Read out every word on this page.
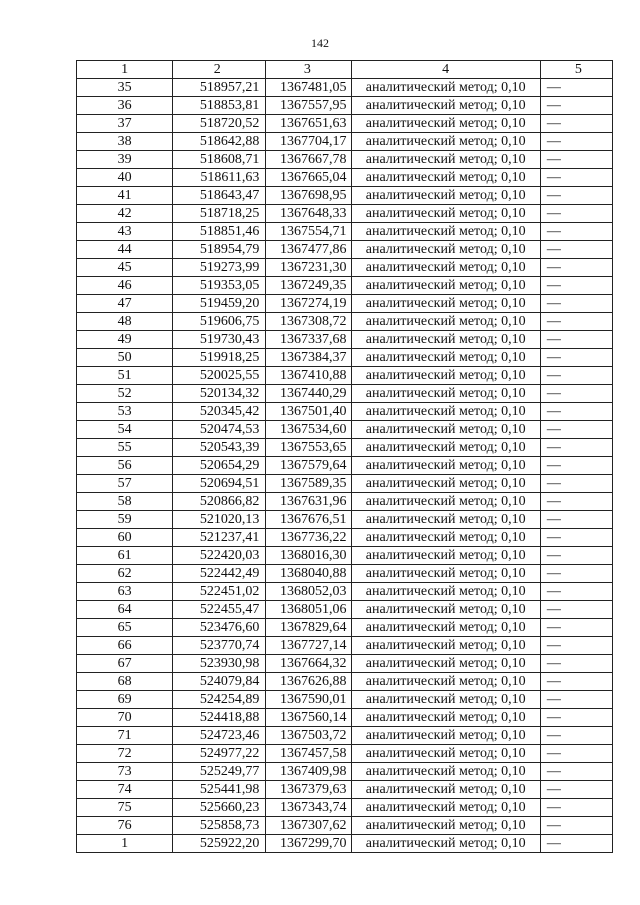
142
1	2	3	4	5
35	518957,21	1367481,05	аналитический метод; 0,10	—
36	518853,81	1367557,95	аналитический метод; 0,10	—
37	518720,52	1367651,63	аналитический метод; 0,10	—
38	518642,88	1367704,17	аналитический метод; 0,10	—
39	518608,71	1367667,78	аналитический метод; 0,10	—
40	518611,63	1367665,04	аналитический метод; 0,10	—
41	518643,47	1367698,95	аналитический метод; 0,10	—
42	518718,25	1367648,33	аналитический метод; 0,10	—
43	518851,46	1367554,71	аналитический метод; 0,10	—
44	518954,79	1367477,86	аналитический метод; 0,10	—
45	519273,99	1367231,30	аналитический метод; 0,10	—
46	519353,05	1367249,35	аналитический метод; 0,10	—
47	519459,20	1367274,19	аналитический метод; 0,10	—
48	519606,75	1367308,72	аналитический метод; 0,10	—
49	519730,43	1367337,68	аналитический метод; 0,10	—
50	519918,25	1367384,37	аналитический метод; 0,10	—
51	520025,55	1367410,88	аналитический метод; 0,10	—
52	520134,32	1367440,29	аналитический метод; 0,10	—
53	520345,42	1367501,40	аналитический метод; 0,10	—
54	520474,53	1367534,60	аналитический метод; 0,10	—
55	520543,39	1367553,65	аналитический метод; 0,10	—
56	520654,29	1367579,64	аналитический метод; 0,10	—
57	520694,51	1367589,35	аналитический метод; 0,10	—
58	520866,82	1367631,96	аналитический метод; 0,10	—
59	521020,13	1367676,51	аналитический метод; 0,10	—
60	521237,41	1367736,22	аналитический метод; 0,10	—
61	522420,03	1368016,30	аналитический метод; 0,10	—
62	522442,49	1368040,88	аналитический метод; 0,10	—
63	522451,02	1368052,03	аналитический метод; 0,10	—
64	522455,47	1368051,06	аналитический метод; 0,10	—
65	523476,60	1367829,64	аналитический метод; 0,10	—
66	523770,74	1367727,14	аналитический метод; 0,10	—
67	523930,98	1367664,32	аналитический метод; 0,10	—
68	524079,84	1367626,88	аналитический метод; 0,10	—
69	524254,89	1367590,01	аналитический метод; 0,10	—
70	524418,88	1367560,14	аналитический метод; 0,10	—
71	524723,46	1367503,72	аналитический метод; 0,10	—
72	524977,22	1367457,58	аналитический метод; 0,10	—
73	525249,77	1367409,98	аналитический метод; 0,10	—
74	525441,98	1367379,63	аналитический метод; 0,10	—
75	525660,23	1367343,74	аналитический метод; 0,10	—
76	525858,73	1367307,62	аналитический метод; 0,10	—
1	525922,20	1367299,70	аналитический метод; 0,10	—
